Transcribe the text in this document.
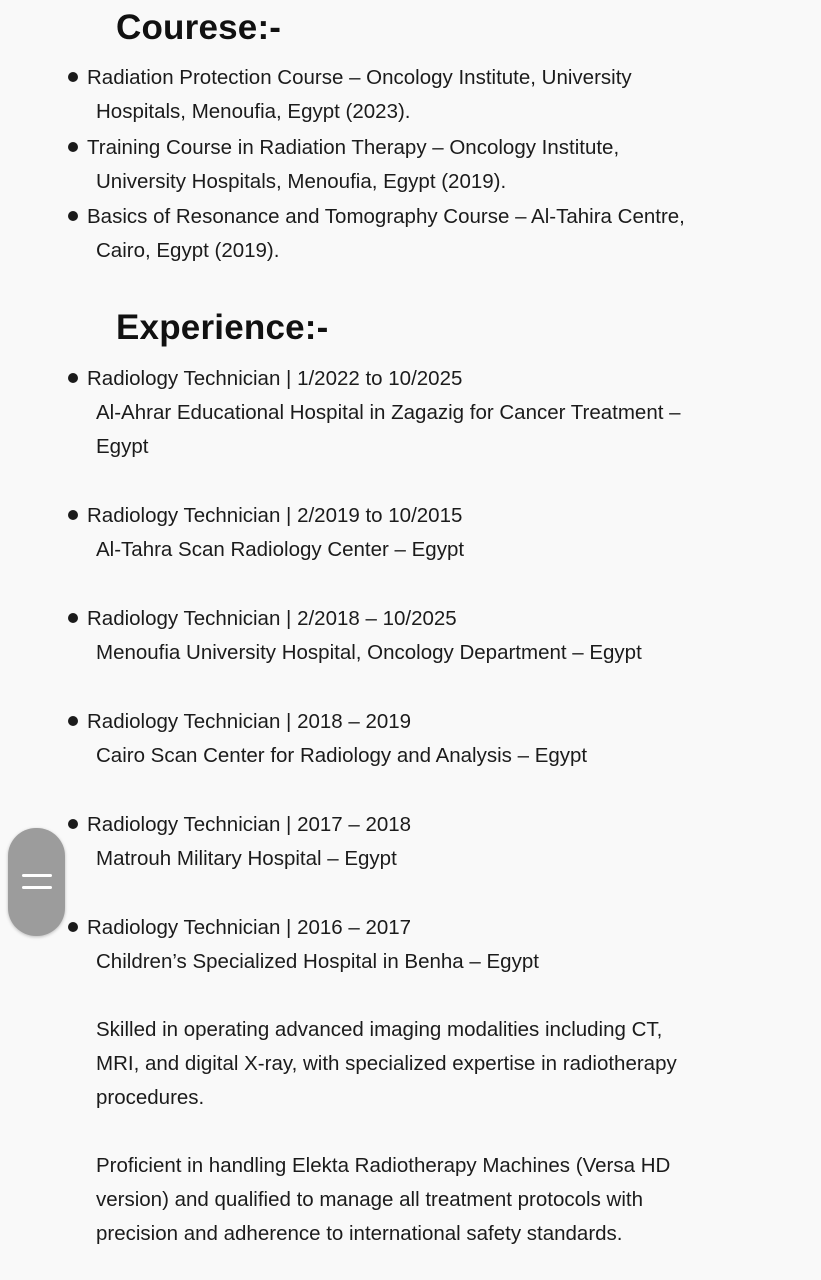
Courese:-
Radiation Protection Course – Oncology Institute, University
Hospitals, Menoufia, Egypt (2023).
Training Course in Radiation Therapy – Oncology Institute,
University Hospitals, Menoufia, Egypt (2019).
Basics of Resonance and Tomography Course – Al-Tahira Centre,
Cairo, Egypt (2019).
Experience:-
Radiology Technician | 1/2022 to 10/2025
Al-Ahrar Educational Hospital in Zagazig for Cancer Treatment –
Egypt
Radiology Technician | 2/2019 to 10/2015
Al-Tahra Scan Radiology Center – Egypt
Radiology Technician | 2/2018 – 10/2025
Menoufia University Hospital, Oncology Department – Egypt
Radiology Technician | 2018 – 2019
Cairo Scan Center for Radiology and Analysis – Egypt
Radiology Technician | 2017 – 2018
Matrouh Military Hospital – Egypt
Radiology Technician | 2016 – 2017
Children’s Specialized Hospital in Benha – Egypt
Skilled in operating advanced imaging modalities including CT,
MRI, and digital X-ray, with specialized expertise in radiotherapy
procedures.
Proficient in handling Elekta Radiotherapy Machines (Versa HD
version) and qualified to manage all treatment protocols with
precision and adherence to international safety standards.
